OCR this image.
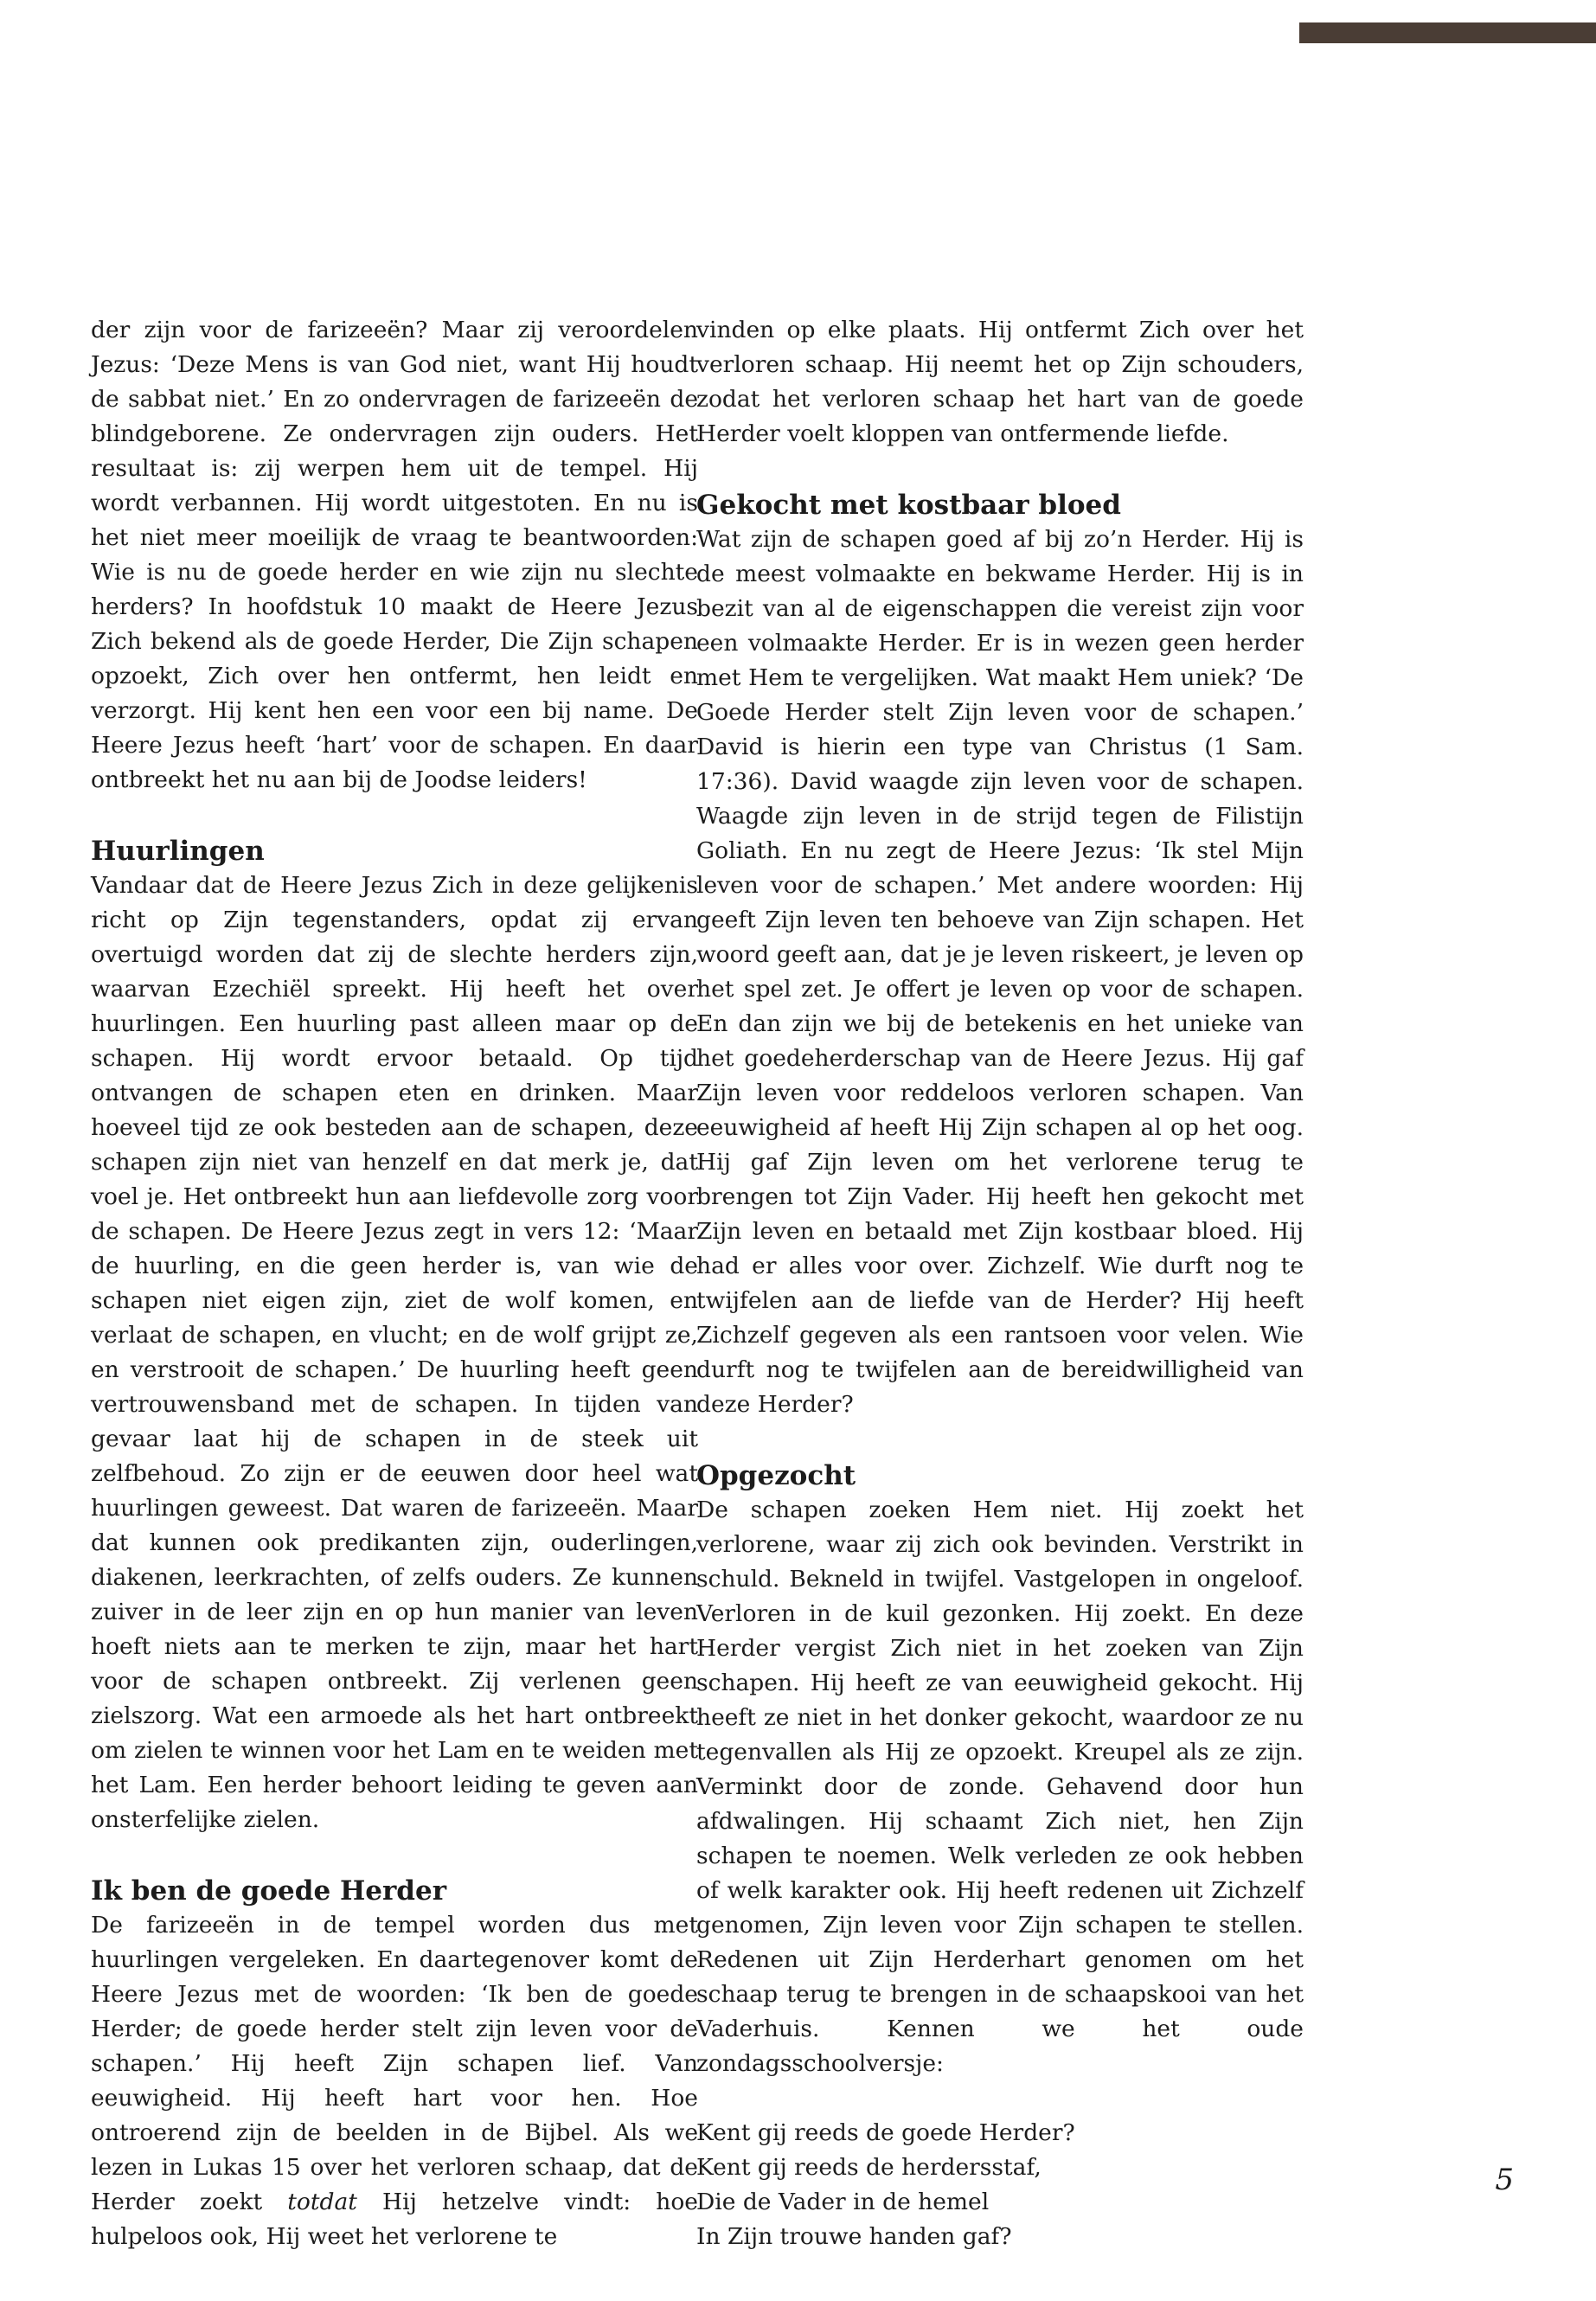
der zijn voor de farizeeën? Maar zij veroordelen Jezus: ‘Deze Mens is van God niet, want Hij houdt de sabbat niet.’ En zo ondervragen de farizeeën de blindgeborene. Ze ondervragen zijn ouders. Het resultaat is: zij werpen hem uit de tempel. Hij wordt verbannen. Hij wordt uitgestoten. En nu is het niet meer moeilijk de vraag te beantwoorden: Wie is nu de goede herder en wie zijn nu slechte herders? In hoofdstuk 10 maakt de Heere Jezus Zich bekend als de goede Herder, Die Zijn schapen opzoekt, Zich over hen ontfermt, hen leidt en verzorgt. Hij kent hen een voor een bij name. De Heere Jezus heeft ‘hart’ voor de schapen. En daar ontbreekt het nu aan bij de Joodse leiders!

Huurlingen

Vandaar dat de Heere Jezus Zich in deze gelijkenis richt op Zijn tegenstanders, opdat zij ervan overtuigd worden dat zij de slechte herders zijn, waarvan Ezechiël spreekt. Hij heeft het over huurlingen. Een huurling past alleen maar op de schapen. Hij wordt ervoor betaald. Op tijd ontvangen de schapen eten en drinken. Maar hoeveel tijd ze ook besteden aan de schapen, deze schapen zijn niet van henzelf en dat merk je, dat voel je. Het ontbreekt hun aan liefdevolle zorg voor de schapen. De Heere Jezus zegt in vers 12: ‘Maar de huurling, en die geen herder is, van wie de schapen niet eigen zijn, ziet de wolf komen, en verlaat de schapen, en vlucht; en de wolf grijpt ze, en verstrooit de schapen.’ De huurling heeft geen vertrouwensband met de schapen. In tijden van gevaar laat hij de schapen in de steek uit zelfbehoud. Zo zijn er de eeuwen door heel wat huurlingen geweest. Dat waren de farizeeën. Maar dat kunnen ook predikanten zijn, ouderlingen, diakenen, leerkrachten, of zelfs ouders. Ze kunnen zuiver in de leer zijn en op hun manier van leven hoeft niets aan te merken te zijn, maar het hart voor de schapen ontbreekt. Zij verlenen geen zielszorg. Wat een armoede als het hart ontbreekt om zielen te winnen voor het Lam en te weiden met het Lam. Een herder behoort leiding te geven aan onsterfelijke zielen.

Ik ben de goede Herder

De farizeeën in de tempel worden dus met huurlingen vergeleken. En daartegenover komt de Heere Jezus met de woorden: ‘Ik ben de goede Herder; de goede herder stelt zijn leven voor de schapen.’ Hij heeft Zijn schapen lief. Van eeuwigheid. Hij heeft hart voor hen. Hoe ontroerend zijn de beelden in de Bijbel. Als we lezen in Lukas 15 over het verloren schaap, dat de Herder zoekt totdat Hij hetzelve vindt: hoe hulpeloos ook, Hij weet het verlorene te

vinden op elke plaats. Hij ontfermt Zich over het verloren schaap. Hij neemt het op Zijn schouders, zodat het verloren schaap het hart van de goede Herder voelt kloppen van ontfermende liefde.

Gekocht met kostbaar bloed

Wat zijn de schapen goed af bij zo’n Herder. Hij is de meest volmaakte en bekwame Herder. Hij is in bezit van al de eigenschappen die vereist zijn voor een volmaakte Herder. Er is in wezen geen herder met Hem te vergelijken. Wat maakt Hem uniek? ‘De Goede Herder stelt Zijn leven voor de schapen.’ David is hierin een type van Christus (1 Sam. 17:36). David waagde zijn leven voor de schapen. Waagde zijn leven in de strijd tegen de Filistijn Goliath. En nu zegt de Heere Jezus: ‘Ik stel Mijn leven voor de schapen.’ Met andere woorden: Hij geeft Zijn leven ten behoeve van Zijn schapen. Het woord geeft aan, dat je je leven riskeert, je leven op het spel zet. Je offert je leven op voor de schapen. En dan zijn we bij de betekenis en het unieke van het goedeherderschap van de Heere Jezus. Hij gaf Zijn leven voor reddeloos verloren schapen. Van eeuwigheid af heeft Hij Zijn schapen al op het oog. Hij gaf Zijn leven om het verlorene terug te brengen tot Zijn Vader. Hij heeft hen gekocht met Zijn leven en betaald met Zijn kostbaar bloed. Hij had er alles voor over. Zichzelf. Wie durft nog te twijfelen aan de liefde van de Herder? Hij heeft Zichzelf gegeven als een rantsoen voor velen. Wie durft nog te twijfelen aan de bereidwilligheid van deze Herder?

Opgezocht

De schapen zoeken Hem niet. Hij zoekt het verlorene, waar zij zich ook bevinden. Verstrikt in schuld. Bekneld in twijfel. Vastgelopen in ongeloof. Verloren in de kuil gezonken. Hij zoekt. En deze Herder vergist Zich niet in het zoeken van Zijn schapen. Hij heeft ze van eeuwigheid gekocht. Hij heeft ze niet in het donker gekocht, waardoor ze nu tegenvallen als Hij ze opzoekt. Kreupel als ze zijn. Verminkt door de zonde. Gehavend door hun afdwalingen. Hij schaamt Zich niet, hen Zijn schapen te noemen. Welk verleden ze ook hebben of welk karakter ook. Hij heeft redenen uit Zichzelf genomen, Zijn leven voor Zijn schapen te stellen. Redenen uit Zijn Herderhart genomen om het schaap terug te brengen in de schaapskooi van het Vaderhuis. Kennen we het oude zondagsschoolversje:

Kent gij reeds de goede Herder?

Kent gij reeds de herdersstaf,

Die de Vader in de hemel

In Zijn trouwe handen gaf?

5
